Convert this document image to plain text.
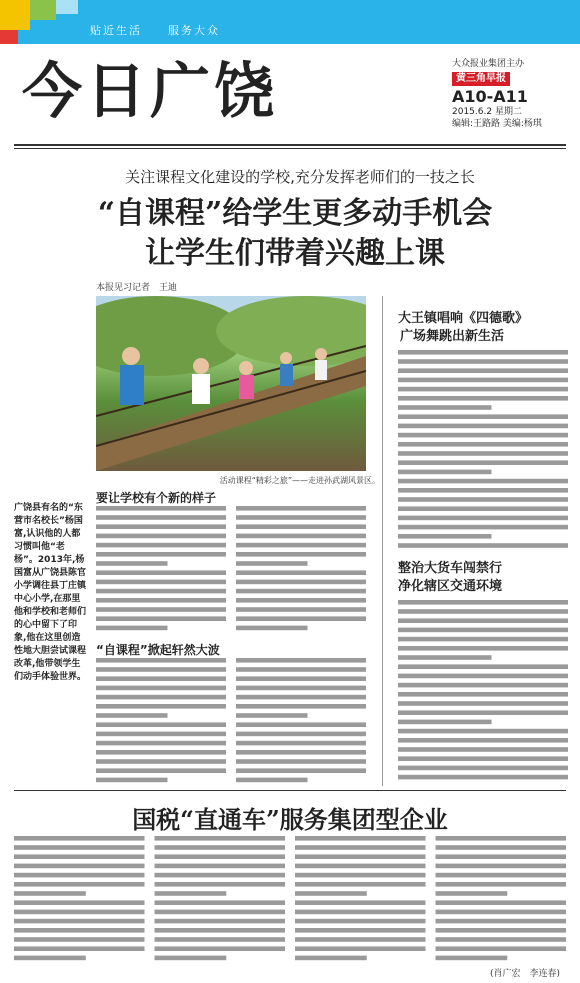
贴近生活　　服务大众
今日广饶	大众报业集团主办
黄三角早报
A10-A11
2015.6.2 星期二
编辑:王路路 美编:杨琪
关注课程文化建设的学校,充分发挥老师们的一技之长
“自课程”给学生更多动手机会
让学生们带着兴趣上课
本报见习记者　王迪
活动课程“精彩之旅”——走进孙武湖风景区。
广饶县有名的“东营市名校长”杨国富,认识他的人都习惯叫他“老杨”。2013年,杨国富从广饶县陈官小学调往县丁庄镇中心小学,在那里他和学校和老师们的心中留下了印象,他在这里创造性地大胆尝试课程改革,他带领学生们动手体验世界。
要让学校有个新的样子
“自课程”掀起轩然大波
大王镇唱响《四德歌》
广场舞跳出新生活
整治大货车闯禁行
净化辖区交通环境
国税“直通车”服务集团型企业
(肖广宏　李连春)
